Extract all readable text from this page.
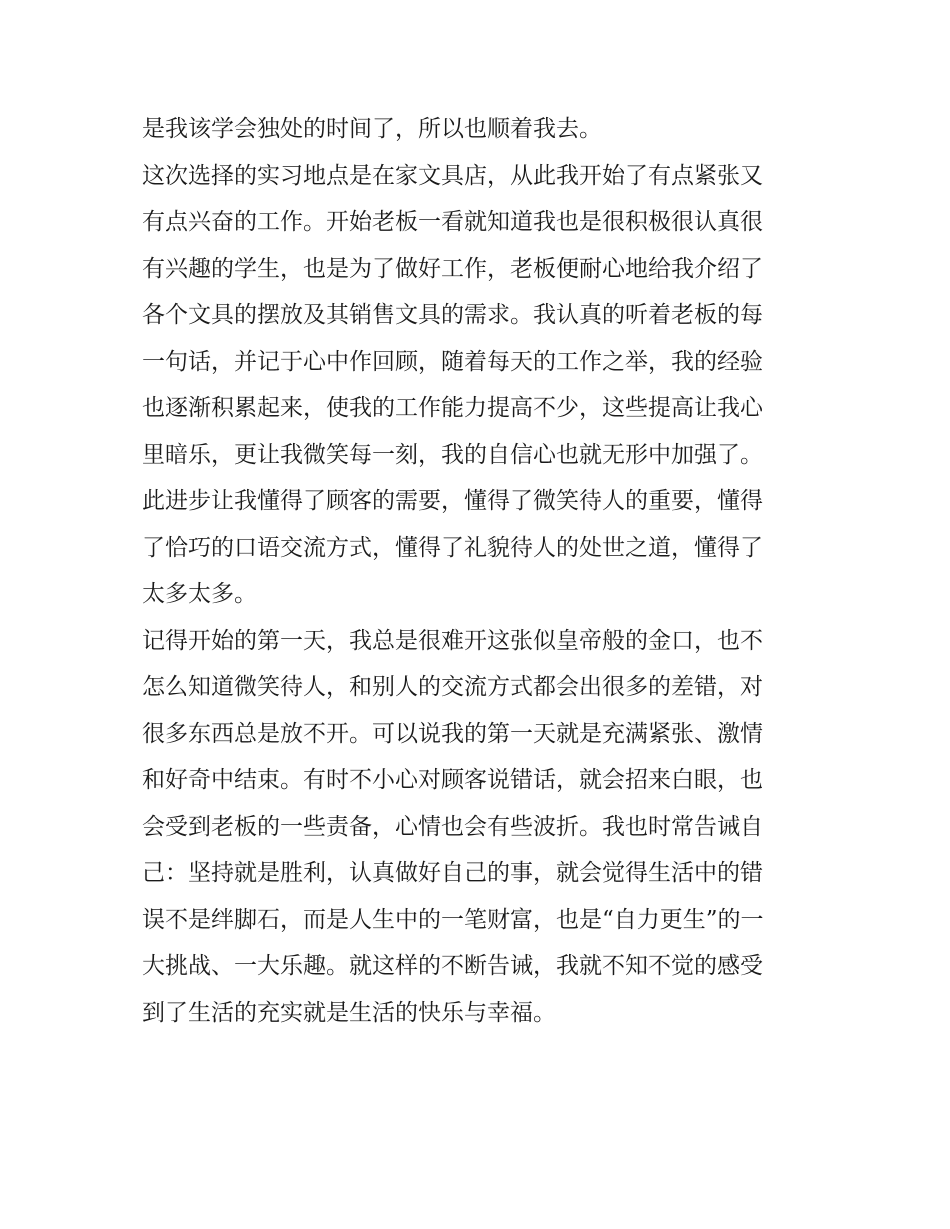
是我该学会独处的时间了，所以也顺着我去。
这次选择的实习地点是在家文具店，从此我开始了有点紧张又
有点兴奋的工作。开始老板一看就知道我也是很积极很认真很
有兴趣的学生，也是为了做好工作，老板便耐心地给我介绍了
各个文具的摆放及其销售文具的需求。我认真的听着老板的每
一句话，并记于心中作回顾，随着每天的工作之举，我的经验
也逐渐积累起来，使我的工作能力提高不少，这些提高让我心
里暗乐，更让我微笑每一刻，我的自信心也就无形中加强了。
此进步让我懂得了顾客的需要，懂得了微笑待人的重要，懂得
了恰巧的口语交流方式，懂得了礼貌待人的处世之道，懂得了
太多太多。
记得开始的第一天，我总是很难开这张似皇帝般的金口，也不
怎么知道微笑待人，和别人的交流方式都会出很多的差错，对
很多东西总是放不开。可以说我的第一天就是充满紧张、激情
和好奇中结束。有时不小心对顾客说错话，就会招来白眼，也
会受到老板的一些责备，心情也会有些波折。我也时常告诫自
己：坚持就是胜利，认真做好自己的事，就会觉得生活中的错
误不是绊脚石，而是人生中的一笔财富，也是“自力更生”的一
大挑战、一大乐趣。就这样的不断告诫，我就不知不觉的感受
到了生活的充实就是生活的快乐与幸福。
